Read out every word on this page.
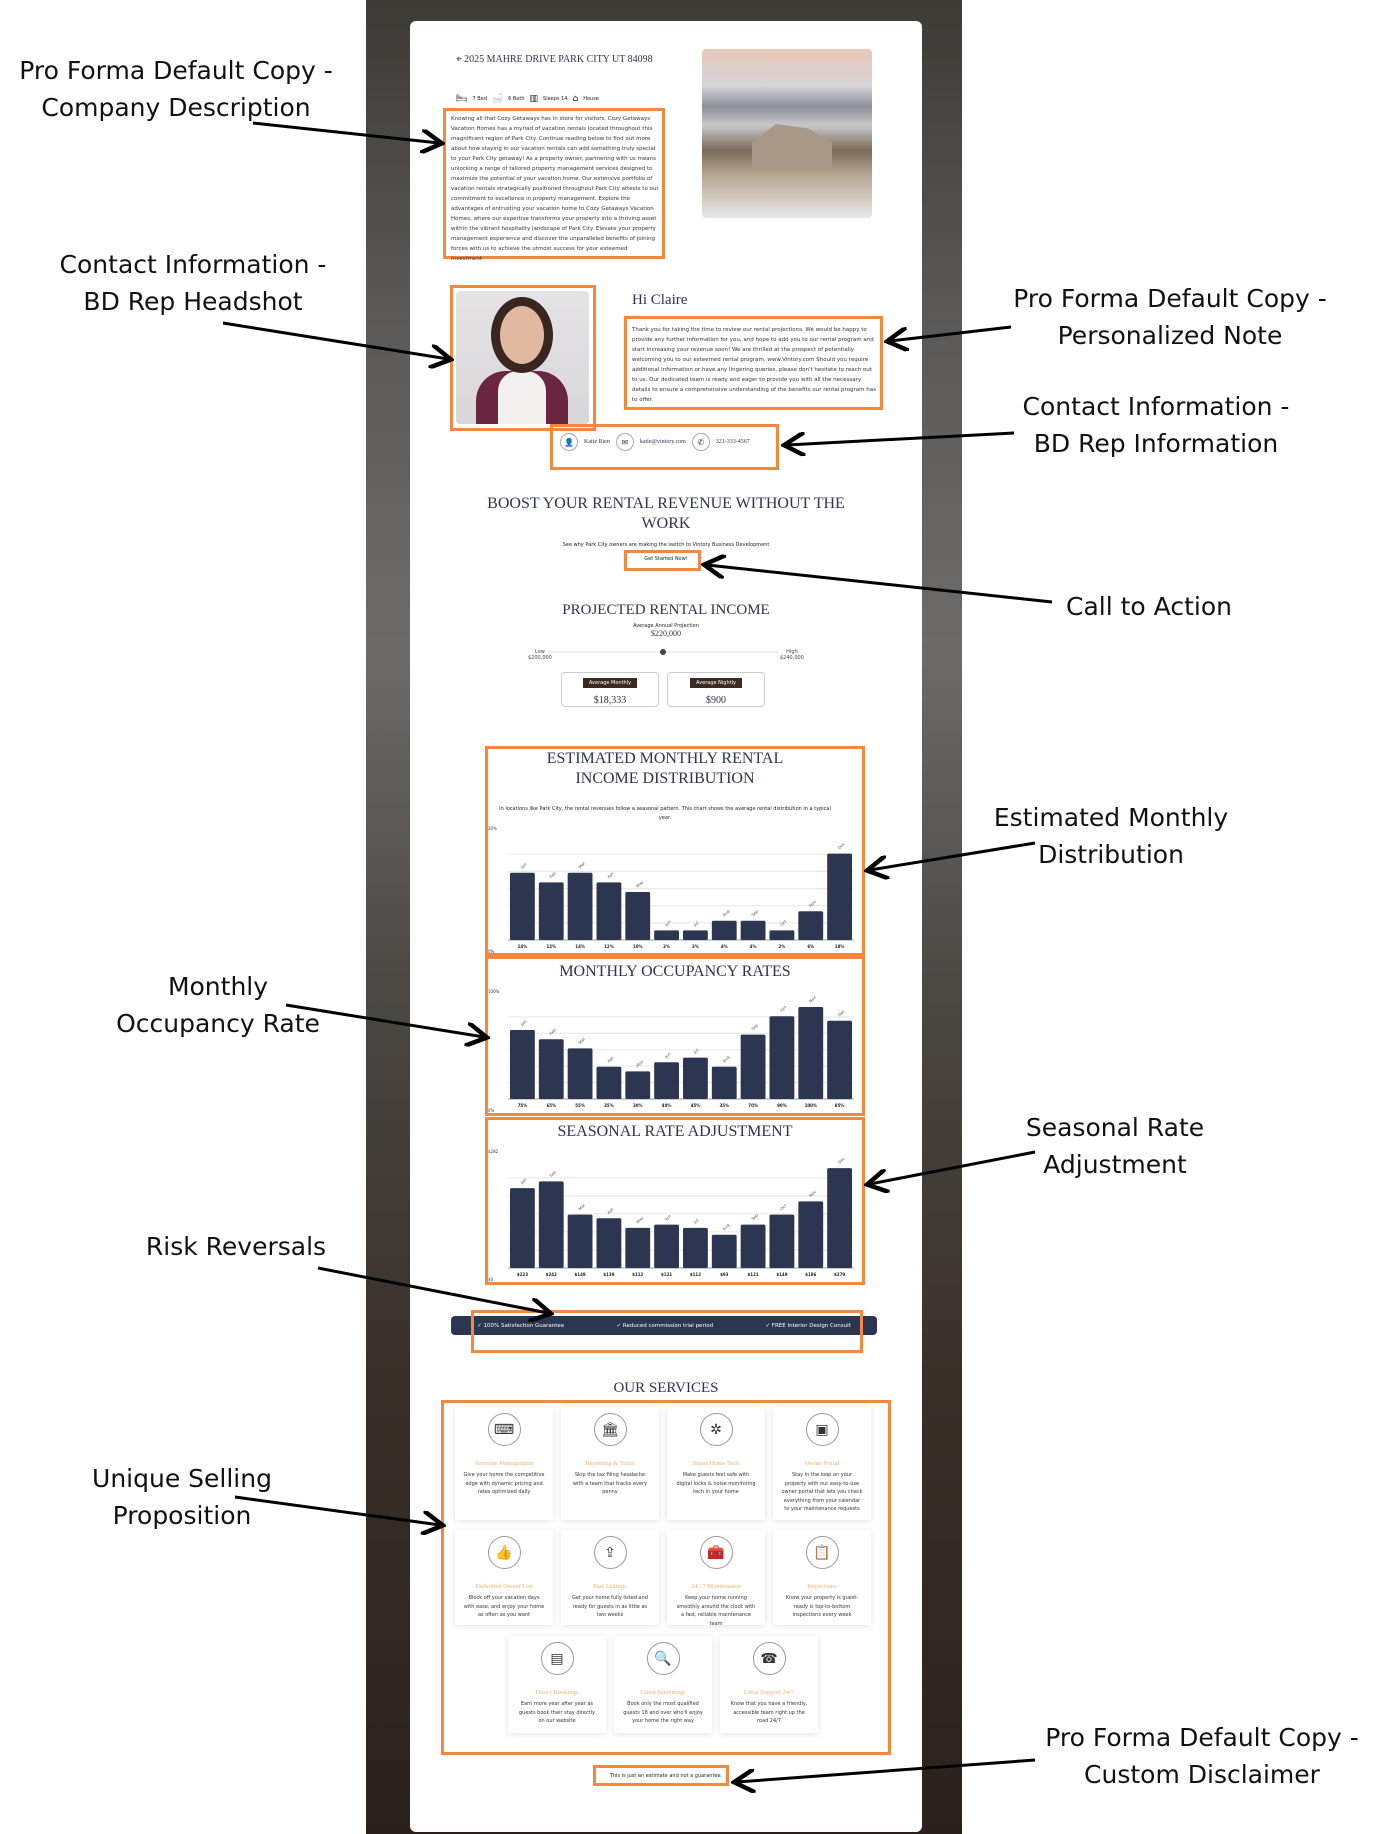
⌖ 2025 MAHRE DRIVE PARK CITY UT 84098
🛏 7 Bed 🛁 6 Bath ▥ Sleeps 14 ⌂ House
Knowing all that Cozy Getaways has in store for visitors, Cozy Getaways Vacation Homes has a myriad of vacation rentals located throughout this magnificent region of Park City. Continue reading below to find out more about how staying in our vacation rentals can add something truly special to your Park City getaway! As a property owner, partnering with us means unlocking a range of tailored property management services designed to maximize the potential of your vacation home. Our extensive portfolio of vacation rentals strategically positioned throughout Park City attests to our commitment to excellence in property management. Explore the advantages of entrusting your vacation home to Cozy Getaways Vacation Homes, where our expertise transforms your property into a thriving asset within the vibrant hospitality landscape of Park City. Elevate your property management experience and discover the unparalleled benefits of joining forces with us to achieve the utmost success for your esteemed investment.
Hi Claire
Thank you for taking the time to review our rental projections. We would be happy to provide any further information for you, and hope to add you to our rental program and start increasing your revenue soon! We are thrilled at the prospect of potentially welcoming you to our esteemed rental program. www.Vintory.com Should you require additional information or have any lingering queries, please don't hesitate to reach out to us. Our dedicated team is ready and eager to provide you with all the necessary details to ensure a comprehensive understanding of the benefits our rental program has to offer.
👤	Katie Rien	✉	katie@vintory.com	✆	321-333-4567
BOOST YOUR RENTAL REVENUE WITHOUT THE WORK
See why Park City owners are making the switch to Vintory Business Development
Get Started Now!
PROJECTED RENTAL INCOME
Average Annual Projection
$220,000
Low
$200,000
High
$240,000
Average Monthly
$18,333
Average Nightly
$900
ESTIMATED MONTHLY RENTAL INCOME DISTRIBUTION
In locations like Park City, the rental revenues follow a seasonal pattern. This chart shows the average rental distribution in a typical year.
20%
0%
Jan
14%
Feb
12%
Mar
14%
Apr
12%
May
10%
Jun
2%
Jul
2%
Aug
4%
Sep
4%
Oct
2%
Nov
6%
Dec
18%
MONTHLY OCCUPANCY RATES
100%
0%
Jan
75%
Feb
65%
Mar
55%
Apr
35%
May
30%
Jun
40%
Jul
45%
Aug
35%
Sep
70%
Oct
90%
Nov
100%
Dec
85%
SEASONAL RATE ADJUSTMENT
$282
$0
Jan
$223
Feb
$242
Mar
$149
Apr
$139
May
$112
Jun
$121
Jul
$112
Aug
$93
Sep
$121
Oct
$149
Nov
$186
Dec
$279
✓ 100% Satisfaction Guarantee	✓ Reduced commission trial period	✓ FREE Interior Design Consult
OUR SERVICES
⌨
Revenue Management
Give your home the competitive edge with dynamic pricing and rates optimized daily
🏛
Reporting & Taxes
Skip the tax filing headache with a team that tracks every penny
✲
Smart Home Tech
Make guests feel safe with digital locks & noise monitoring tech in your home
▣
Owner Portal
Stay in the loop on your property with our easy-to-use owner portal that lets you check everything from your calendar to your maintenance requests
👍
Unlimited Owner Use
Block off your vacation days with ease, and enjoy your home as often as you want
⇪
Fast Listings
Get your home fully listed and ready for guests in as little as two weeks
🧰
24 / 7 Maintenance
Keep your home running smoothly around the clock with a fast, reliable maintenance team
📋
Inspections
Know your property is guest-ready is top-to-bottom inspections every week
▤
Direct Bookings
Earn more year after year as guests book their stay directly on our website
🔍
Guest Screenings
Book only the most qualified guests 18 and over who'll enjoy your home the right way
☎
Local Support 24/7
Know that you have a friendly, accessible team right up the road 24/7
This is just an estimate and not a guarantee.
Pro Forma Default Copy -
Company Description
Contact Information -
BD Rep Headshot	Pro Forma Default Copy -
Personalized Note
Contact Information -
BD Rep Information
Call to Action
Estimated Monthly
Distribution
Monthly
Occupancy Rate
Seasonal Rate
Adjustment
Risk Reversals
Unique Selling
Proposition
Pro Forma Default Copy -
Custom Disclaimer
